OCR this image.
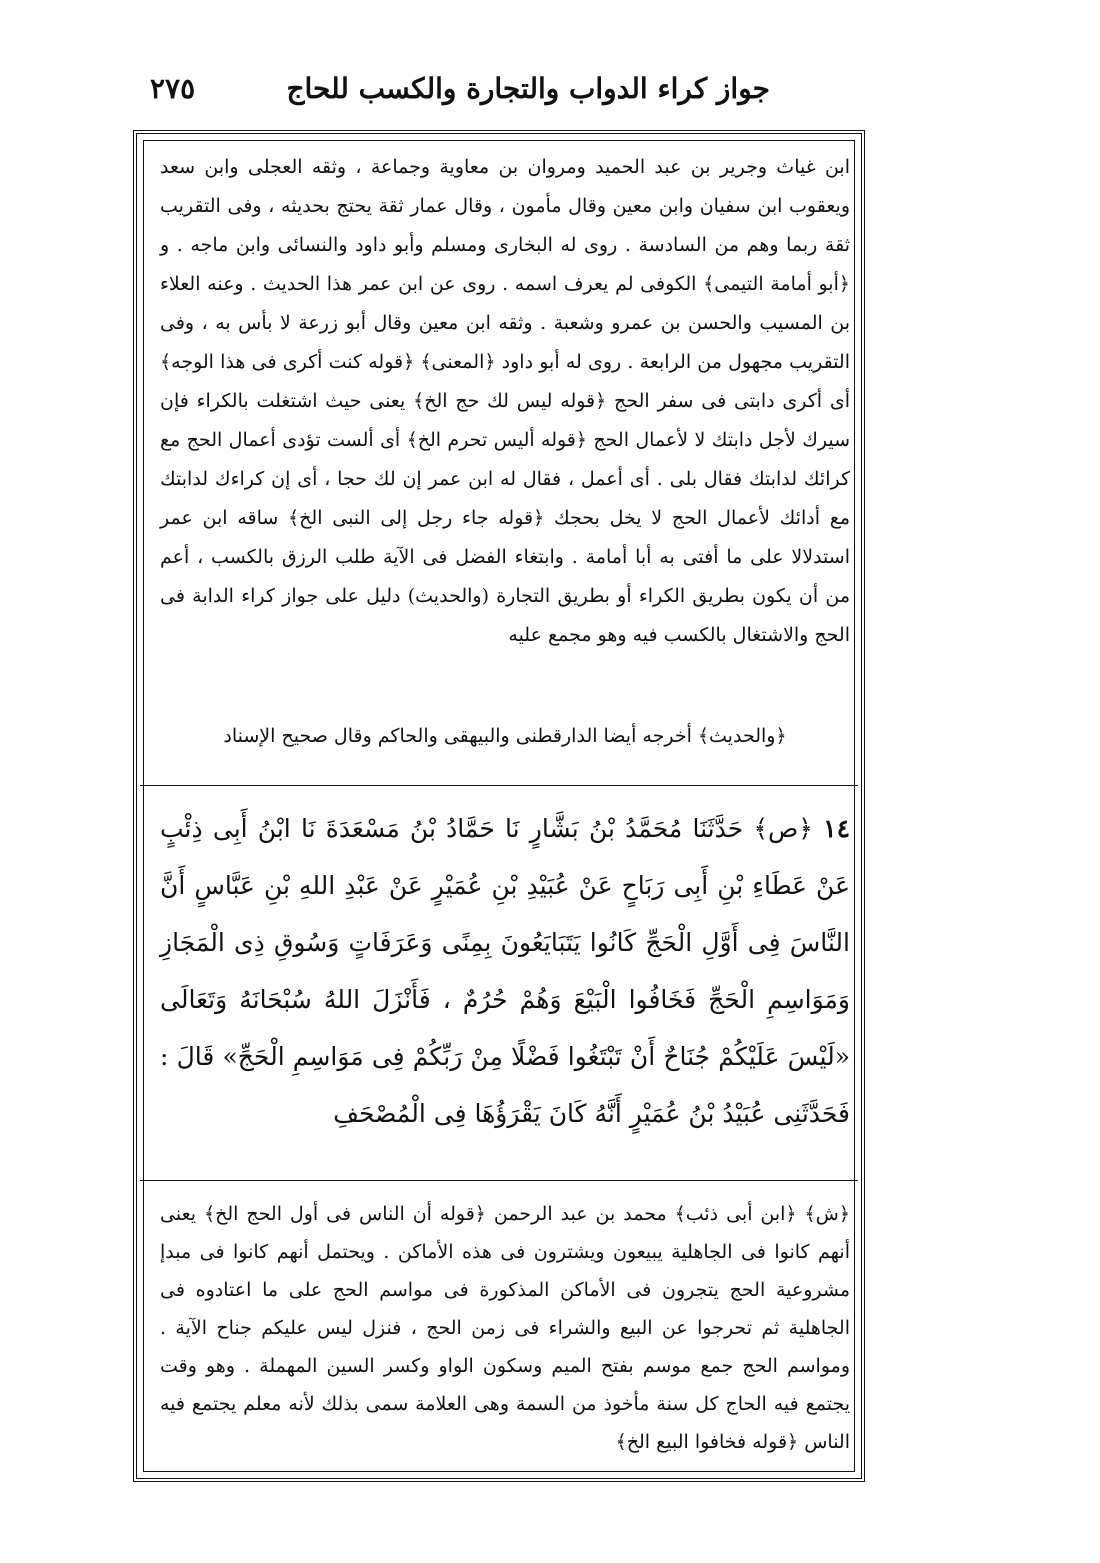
جواز كراء الدواب والتجارة والكسب للحاج
٢٧٥
ابن غياث وجرير بن عبد الحميد ومروان بن معاوية وجماعة ، وثقه العجلى وابن سعد ويعقوب ابن سفيان وابن معين وقال مأمون ، وقال عمار ثقة يحتج بحديثه ، وفى التقريب ثقة ربما وهم من السادسة . روى له البخارى ومسلم وأبو داود والنسائى وابن ماجه . و ﴿أبو أمامة التيمى﴾ الكوفى لم يعرف اسمه . روى عن ابن عمر هذا الحديث . وعنه العلاء بن المسيب والحسن بن عمرو وشعبة . وثقه ابن معين وقال أبو زرعة لا بأس به ، وفى التقريب مجهول من الرابعة . روى له أبو داود ﴿المعنى﴾ ﴿قوله كنت أكرى فى هذا الوجه﴾ أى أكرى دابتى فى سفر الحج ﴿قوله ليس لك حج الخ﴾ يعنى حيث اشتغلت بالكراء فإن سيرك لأجل دابتك لا لأعمال الحج ﴿قوله أليس تحرم الخ﴾ أى ألست تؤدى أعمال الحج مع كرائك لدابتك فقال بلى . أى أعمل ، فقال له ابن عمر إن لك حجا ، أى إن كراءك لدابتك مع أدائك لأعمال الحج لا يخل بحجك ﴿قوله جاء رجل إلى النبى الخ﴾ ساقه ابن عمر استدلالا على ما أفتى به أبا أمامة . وابتغاء الفضل فى الآية طلب الرزق بالكسب ، أعم من أن يكون بطريق الكراء أو بطريق التجارة (والحديث) دليل على جواز كراء الدابة فى الحج والاشتغال بالكسب فيه وهو مجمع عليه
﴿والحديث﴾ أخرجه أيضا الدارقطنى والبيهقى والحاكم وقال صحيح الإسناد
١٤ ﴿ص﴾ حَدَّثَنَا مُحَمَّدُ بْنُ بَشَّارٍ نَا حَمَّادُ بْنُ مَسْعَدَةَ نَا ابْنُ أَبِى ذِئْبٍ عَنْ عَطَاءِ بْنِ أَبِى رَبَاحٍ عَنْ عُبَيْدِ بْنِ عُمَيْرٍ عَنْ عَبْدِ اللهِ بْنِ عَبَّاسٍ أَنَّ النَّاسَ فِى أَوَّلِ الْحَجِّ كَانُوا يَتَبَايَعُونَ بِمِنًى وَعَرَفَاتٍ وَسُوقِ ذِى الْمَجَازِ وَمَوَاسِمِ الْحَجِّ فَخَافُوا الْبَيْعَ وَهُمْ حُرُمٌ ، فَأَنْزَلَ اللهُ سُبْحَانَهُ وَتَعَالَى «لَيْسَ عَلَيْكُمْ جُنَاحٌ أَنْ تَبْتَغُوا فَضْلًا مِنْ رَبِّكُمْ فِى مَوَاسِمِ الْحَجِّ» قَالَ : فَحَدَّثَنِى عُبَيْدُ بْنُ عُمَيْرٍ أَنَّهُ كَانَ يَقْرَؤُهَا فِى الْمُصْحَفِ
﴿ش﴾ ﴿ابن أبى ذئب﴾ محمد بن عبد الرحمن ﴿قوله أن الناس فى أول الحج الخ﴾ يعنى أنهم كانوا فى الجاهلية يبيعون ويشترون فى هذه الأماكن . ويحتمل أنهم كانوا فى مبدإ مشروعية الحج يتجرون فى الأماكن المذكورة فى مواسم الحج على ما اعتادوه فى الجاهلية ثم تحرجوا عن البيع والشراء فى زمن الحج ، فنزل ليس عليكم جناح الآية . ومواسم الحج جمع موسم بفتح الميم وسكون الواو وكسر السين المهملة . وهو وقت يجتمع فيه الحاج كل سنة مأخوذ من السمة وهى العلامة سمى بذلك لأنه معلم يجتمع فيه الناس ﴿قوله فخافوا البيع الخ﴾
